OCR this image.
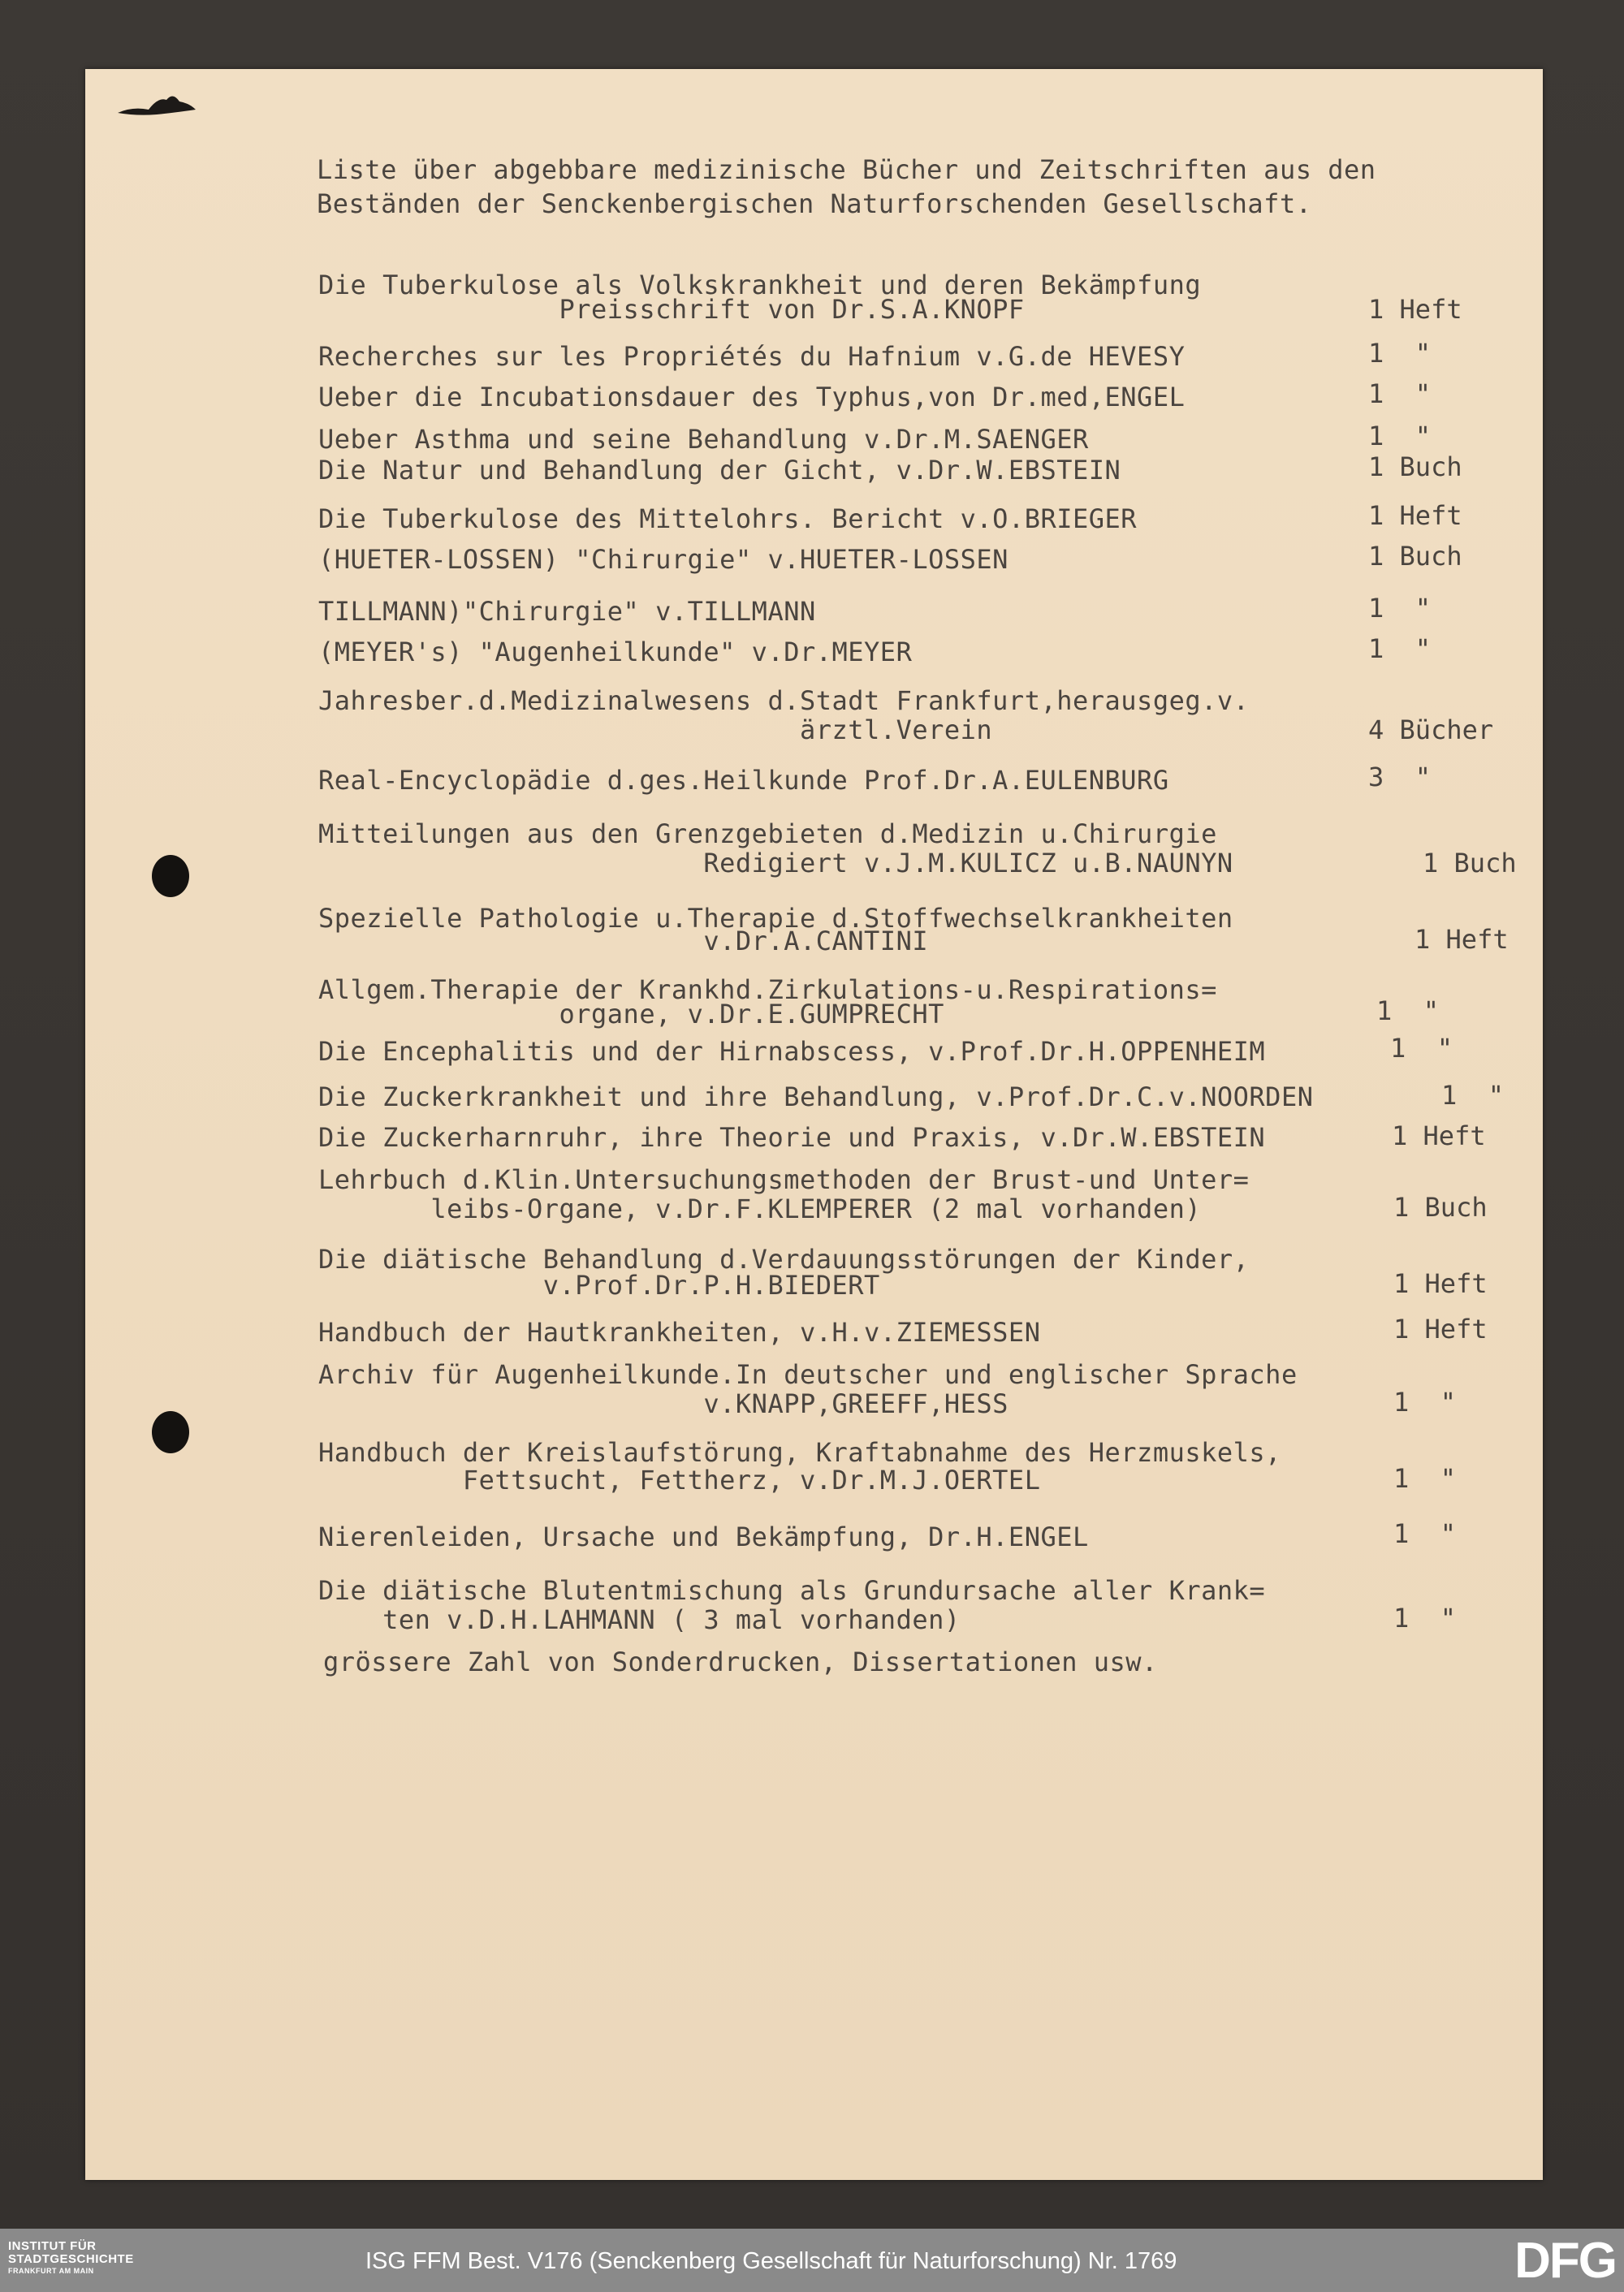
Liste über abgebbare medizinische Bücher und Zeitschriften aus den
Beständen der Senckenbergischen Naturforschenden Gesellschaft.
Die Tuberkulose als Volkskrankheit und deren Bekämpfung
Preisschrift von Dr.S.A.KNOPF	1 Heft
Recherches sur les Propriétés du Hafnium v.G.de HEVESY	1  "
Ueber die Incubationsdauer des Typhus,von Dr.med,ENGEL	1  "
Ueber Asthma und seine Behandlung v.Dr.M.SAENGER	1  "
Die Natur und Behandlung der Gicht, v.Dr.W.EBSTEIN	1 Buch
Die Tuberkulose des Mittelohrs. Bericht v.O.BRIEGER	1 Heft
(HUETER-LOSSEN) "Chirurgie" v.HUETER-LOSSEN	1 Buch
TILLMANN)"Chirurgie" v.TILLMANN	1  "
(MEYER's) "Augenheilkunde" v.Dr.MEYER	1  "
Jahresber.d.Medizinalwesens d.Stadt Frankfurt,herausgeg.v.
ärztl.Verein	4 Bücher
Real-Encyclopädie d.ges.Heilkunde Prof.Dr.A.EULENBURG	3  "
Mitteilungen aus den Grenzgebieten d.Medizin u.Chirurgie
Redigiert v.J.M.KULICZ u.B.NAUNYN	1 Buch
Spezielle Pathologie u.Therapie d.Stoffwechselkrankheiten
v.Dr.A.CANTINI	1 Heft
Allgem.Therapie der Krankhd.Zirkulations-u.Respirations=
organe, v.Dr.E.GUMPRECHT	1  "
Die Encephalitis und der Hirnabscess, v.Prof.Dr.H.OPPENHEIM	1  "
Die Zuckerkrankheit und ihre Behandlung, v.Prof.Dr.C.v.NOORDEN	1  "
Die Zuckerharnruhr, ihre Theorie und Praxis, v.Dr.W.EBSTEIN	1 Heft
Lehrbuch d.Klin.Untersuchungsmethoden der Brust-und Unter=
leibs-Organe, v.Dr.F.KLEMPERER (2 mal vorhanden)	1 Buch
Die diätische Behandlung d.Verdauungsstörungen der Kinder,
v.Prof.Dr.P.H.BIEDERT	1 Heft
Handbuch der Hautkrankheiten, v.H.v.ZIEMESSEN	1 Heft
Archiv für Augenheilkunde.In deutscher und englischer Sprache
v.KNAPP,GREEFF,HESS	1  "
Handbuch der Kreislaufstörung, Kraftabnahme des Herzmuskels,
Fettsucht, Fettherz, v.Dr.M.J.OERTEL	1  "
Nierenleiden, Ursache und Bekämpfung, Dr.H.ENGEL	1  "
Die diätische Blutentmischung als Grundursache aller Krank=
ten v.D.H.LAHMANN ( 3 mal vorhanden)	1  "
grössere Zahl von Sonderdrucken, Dissertationen usw.
INSTITUT FÜR
STADTGESCHICHTE
FRANKFURT AM MAIN	ISG FFM Best. V176 (Senckenberg Gesellschaft für Naturforschung) Nr. 1769	DFG
